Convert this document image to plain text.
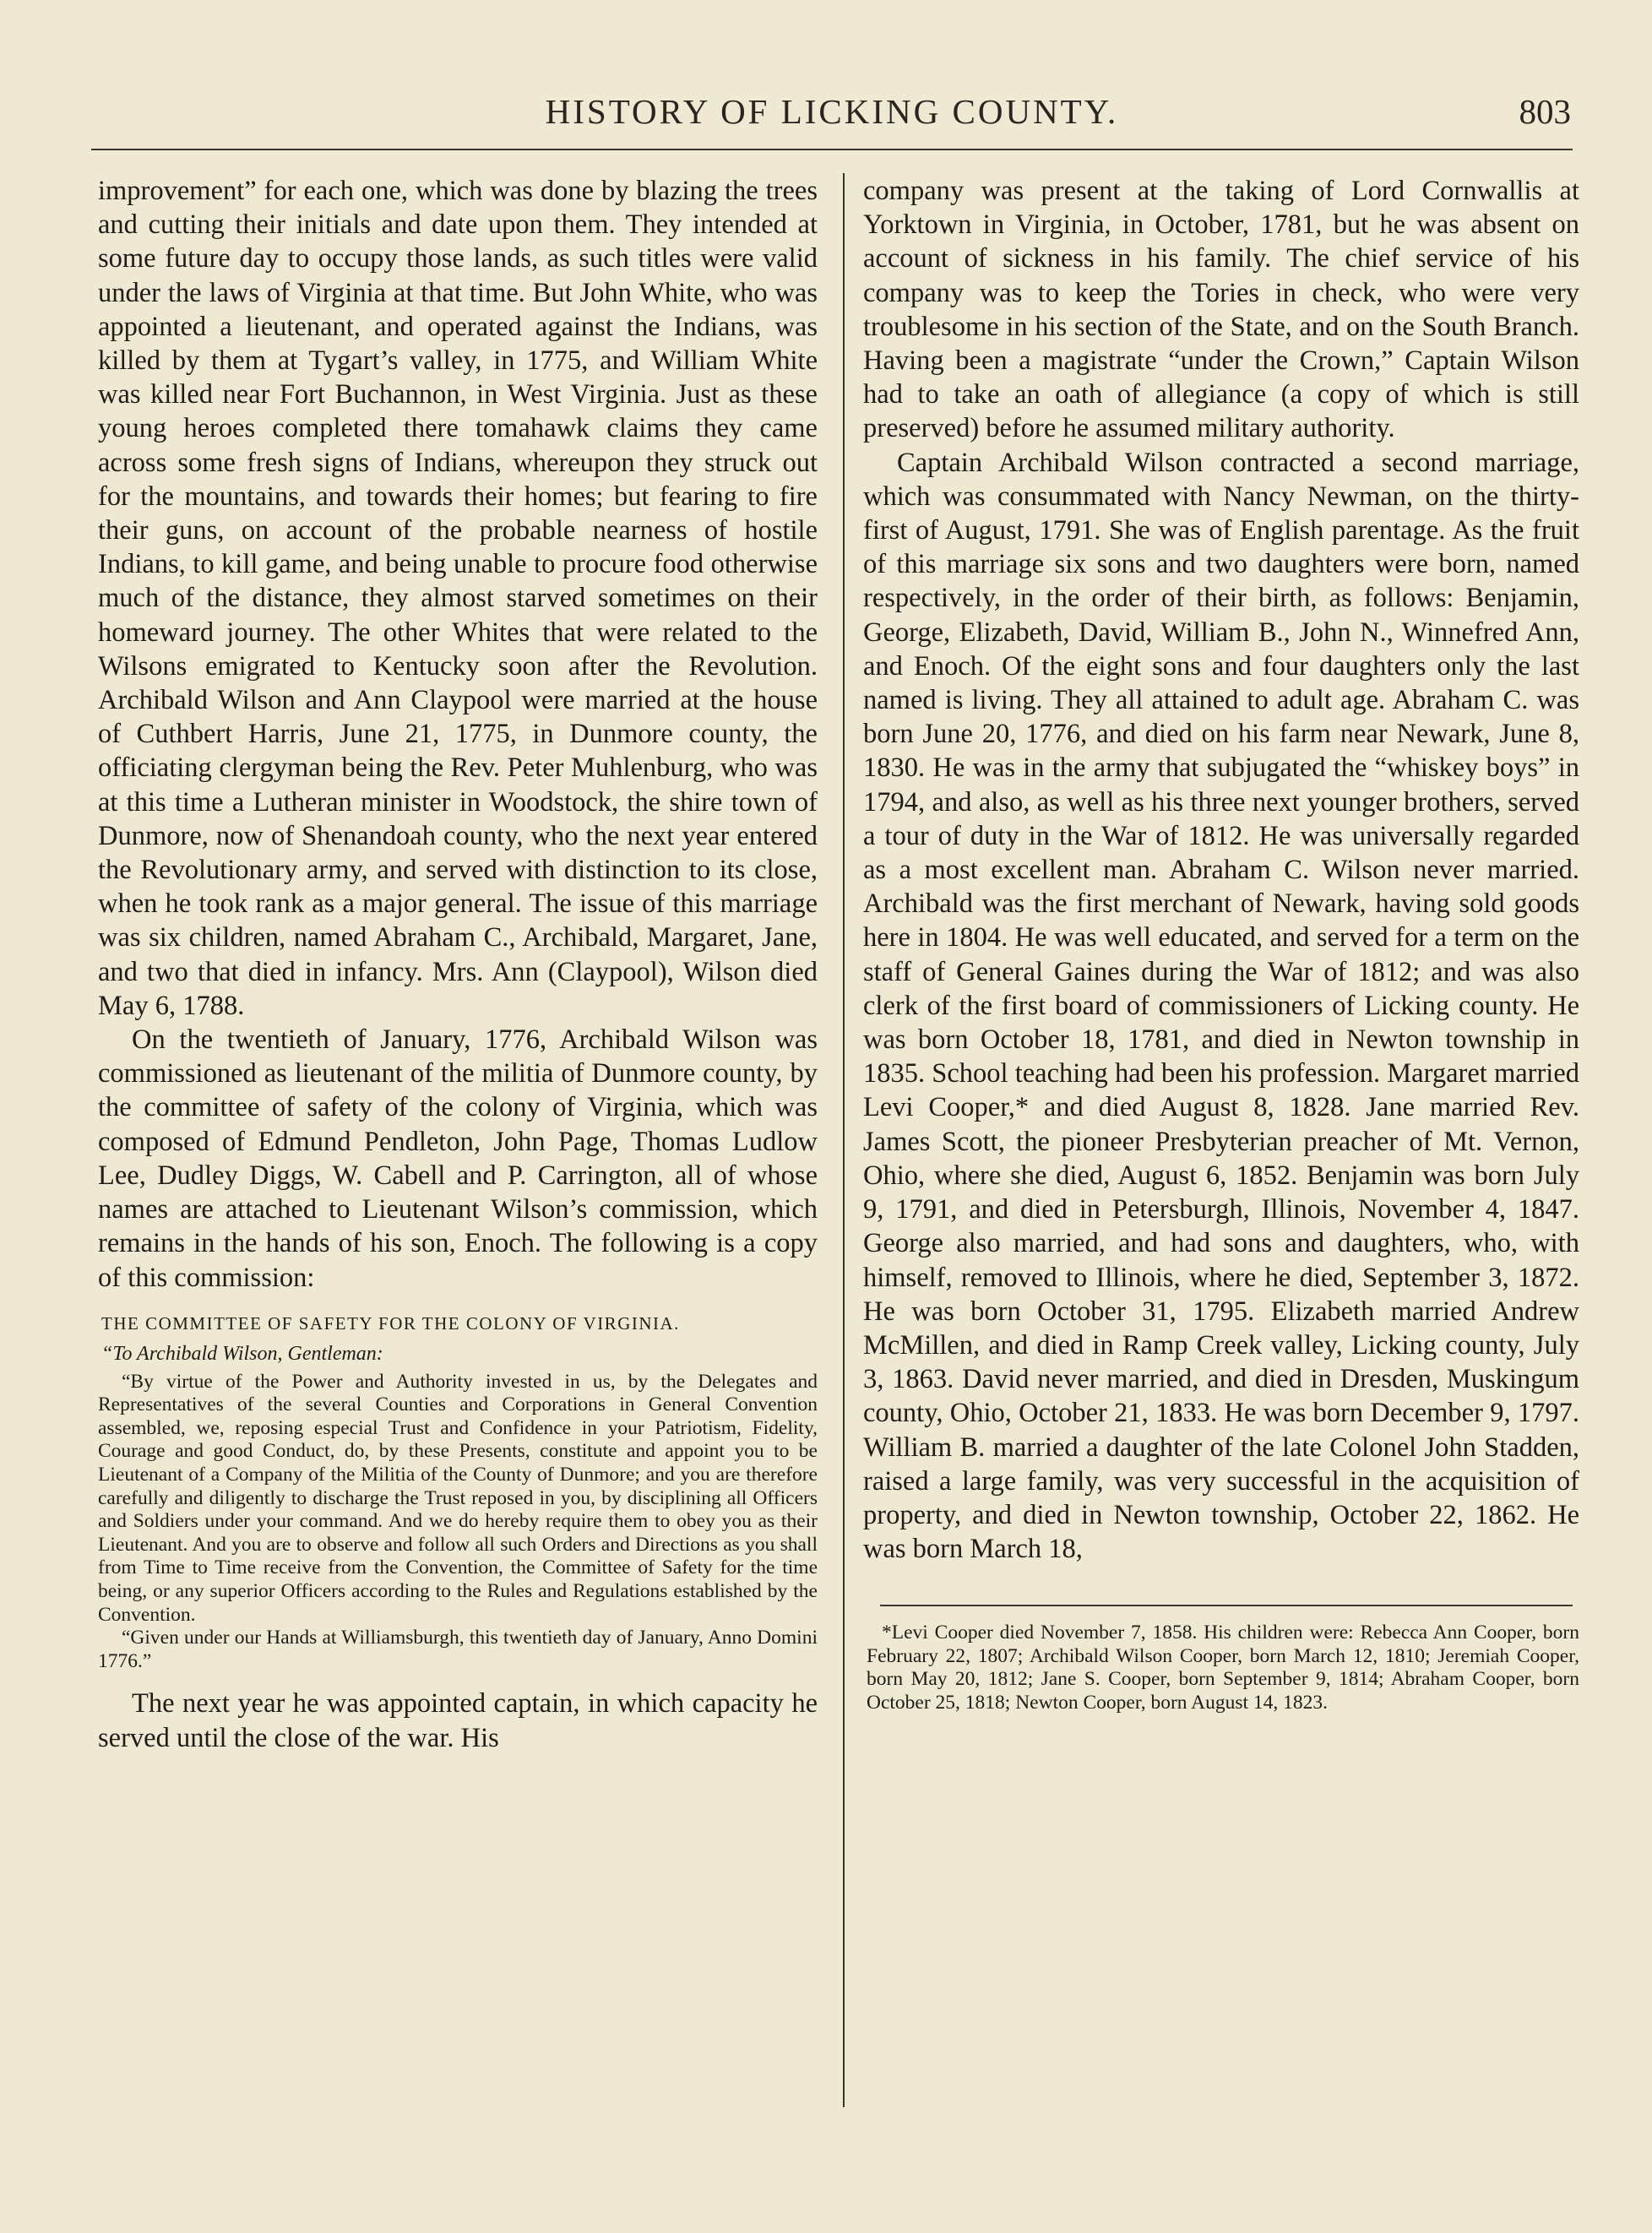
HISTORY OF LICKING COUNTY.	803

improvement” for each one, which was done by blazing the trees and cutting their initials and date upon them. They intended at some future day to occupy those lands, as such titles were valid under the laws of Virginia at that time. But John White, who was appointed a lieutenant, and operated against the Indians, was killed by them at Tygart’s valley, in 1775, and William White was killed near Fort Buchannon, in West Virginia. Just as these young heroes completed there tomahawk claims they came across some fresh signs of Indians, whereupon they struck out for the mountains, and towards their homes; but fearing to fire their guns, on account of the probable nearness of hostile Indians, to kill game, and being unable to procure food otherwise much of the distance, they almost starved sometimes on their homeward journey. The other Whites that were related to the Wilsons emigrated to Kentucky soon after the Revolution. Archibald Wilson and Ann Claypool were married at the house of Cuthbert Harris, June 21, 1775, in Dunmore county, the officiating clergyman being the Rev. Peter Muhlenburg, who was at this time a Lutheran minister in Woodstock, the shire town of Dunmore, now of Shenandoah county, who the next year entered the Revolutionary army, and served with distinction to its close, when he took rank as a major general. The issue of this marriage was six children, named Abraham C., Archibald, Margaret, Jane, and two that died in infancy. Mrs. Ann (Claypool), Wilson died May 6, 1788.

On the twentieth of January, 1776, Archibald Wilson was commissioned as lieutenant of the militia of Dunmore county, by the committee of safety of the colony of Virginia, which was composed of Edmund Pendleton, John Page, Thomas Ludlow Lee, Dudley Diggs, W. Cabell and P. Carrington, all of whose names are attached to Lieutenant Wilson’s commission, which remains in the hands of his son, Enoch. The following is a copy of this commission:

THE COMMITTEE OF SAFETY FOR THE COLONY OF VIRGINIA.
“To Archibald Wilson, Gentleman:

“By virtue of the Power and Authority invested in us, by the Delegates and Representatives of the several Counties and Corporations in General Convention assembled, we, reposing especial Trust and Confidence in your Patriotism, Fidelity, Courage and good Conduct, do, by these Presents, constitute and appoint you to be Lieutenant of a Company of the Militia of the County of Dunmore; and you are therefore carefully and diligently to discharge the Trust reposed in you, by disciplining all Officers and Soldiers under your command. And we do hereby require them to obey you as their Lieutenant. And you are to observe and follow all such Orders and Directions as you shall from Time to Time receive from the Convention, the Committee of Safety for the time being, or any superior Officers according to the Rules and Regulations established by the Convention.

“Given under our Hands at Williamsburgh, this twentieth day of January, Anno Domini 1776.”

The next year he was appointed captain, in which capacity he served until the close of the war. His

company was present at the taking of Lord Cornwallis at Yorktown in Virginia, in October, 1781, but he was absent on account of sickness in his family. The chief service of his company was to keep the Tories in check, who were very troublesome in his section of the State, and on the South Branch. Having been a magistrate “under the Crown,” Captain Wilson had to take an oath of allegiance (a copy of which is still preserved) before he assumed military authority.

Captain Archibald Wilson contracted a second marriage, which was consummated with Nancy Newman, on the thirty-first of August, 1791. She was of English parentage. As the fruit of this marriage six sons and two daughters were born, named respectively, in the order of their birth, as follows: Benjamin, George, Elizabeth, David, William B., John N., Winnefred Ann, and Enoch. Of the eight sons and four daughters only the last named is living. They all attained to adult age. Abraham C. was born June 20, 1776, and died on his farm near Newark, June 8, 1830. He was in the army that subjugated the “whiskey boys” in 1794, and also, as well as his three next younger brothers, served a tour of duty in the War of 1812. He was universally regarded as a most excellent man. Abraham C. Wilson never married. Archibald was the first merchant of Newark, having sold goods here in 1804. He was well educated, and served for a term on the staff of General Gaines during the War of 1812; and was also clerk of the first board of commissioners of Licking county. He was born October 18, 1781, and died in Newton township in 1835. School teaching had been his profession. Margaret married Levi Cooper,* and died August 8, 1828. Jane married Rev. James Scott, the pioneer Presbyterian preacher of Mt. Vernon, Ohio, where she died, August 6, 1852. Benjamin was born July 9, 1791, and died in Petersburgh, Illinois, November 4, 1847. George also married, and had sons and daughters, who, with himself, removed to Illinois, where he died, September 3, 1872. He was born October 31, 1795. Elizabeth married Andrew McMillen, and died in Ramp Creek valley, Licking county, July 3, 1863. David never married, and died in Dresden, Muskingum county, Ohio, October 21, 1833. He was born December 9, 1797. William B. married a daughter of the late Colonel John Stadden, raised a large family, was very successful in the acquisition of property, and died in Newton township, October 22, 1862. He was born March 18,

*Levi Cooper died November 7, 1858. His children were: Rebecca Ann Cooper, born February 22, 1807; Archibald Wilson Cooper, born March 12, 1810; Jeremiah Cooper, born May 20, 1812; Jane S. Cooper, born September 9, 1814; Abraham Cooper, born October 25, 1818; Newton Cooper, born August 14, 1823.
